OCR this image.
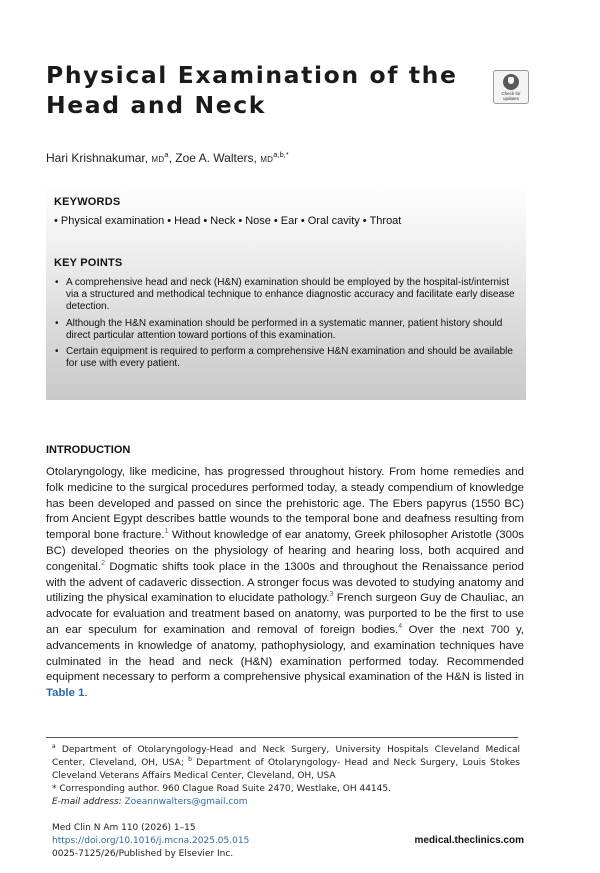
Physical Examination of the Head and Neck	Check for
updates

Hari Krishnakumar, $MD^a$, Zoe A. Walters, $MD^{a,b,*}$

KEYWORDS
• Physical examination • Head • Neck • Nose • Ear • Oral cavity • Throat
KEY POINTS
• A comprehensive head and neck (H&N) examination should be employed by the hospital-ist/internist via a structured and methodical technique to enhance diagnostic accuracy and facilitate early disease detection.
• Although the H&N examination should be performed in a systematic manner, patient history should direct particular attention toward portions of this examination.
• Certain equipment is required to perform a comprehensive H&N examination and should be available for use with every patient.
INTRODUCTION

Otolaryngology, like medicine, has progressed throughout history. From home remedies and folk medicine to the surgical procedures performed today, a steady compendium of knowledge has been developed and passed on since the prehistoric age. The Ebers papyrus (1550 BC) from Ancient Egypt describes battle wounds to the temporal bone and deafness resulting from temporal bone fracture.$^1$ Without knowledge of ear anatomy, Greek philosopher Aristotle (300s BC) developed theories on the physiology of hearing and hearing loss, both acquired and congenital.$^2$ Dogmatic shifts took place in the 1300s and throughout the Renaissance period with the advent of cadaveric dissection. A stronger focus was devoted to studying anatomy and utilizing the physical examination to elucidate pathology.$^3$ French surgeon Guy de Chauliac, an advocate for evaluation and treatment based on anatomy, was purported to be the first to use an ear speculum for examination and removal of foreign bodies.$^4$ Over the next 700 y, advancements in knowledge of anatomy, pathophysiology, and examination techniques have culminated in the head and neck (H&N) examination performed today. Recommended equipment necessary to perform a comprehensive physical examination of the H&N is listed in Table 1.

$^a$ Department of Otolaryngology-Head and Neck Surgery, University Hospitals Cleveland Medical Center, Cleveland, OH, USA; $^b$ Department of Otolaryngology- Head and Neck Surgery, Louis Stokes Cleveland Veterans Affairs Medical Center, Cleveland, OH, USA

* Corresponding author. 960 Clague Road Suite 2470, Westlake, OH 44145.

E-mail address: Zoeannwalters@gmail.com

Med Clin N Am 110 (2026) 1–15
https://doi.org/10.1016/j.mcna.2025.05.015
0025-7125/26/Published by Elsevier Inc.
medical.theclinics.com
